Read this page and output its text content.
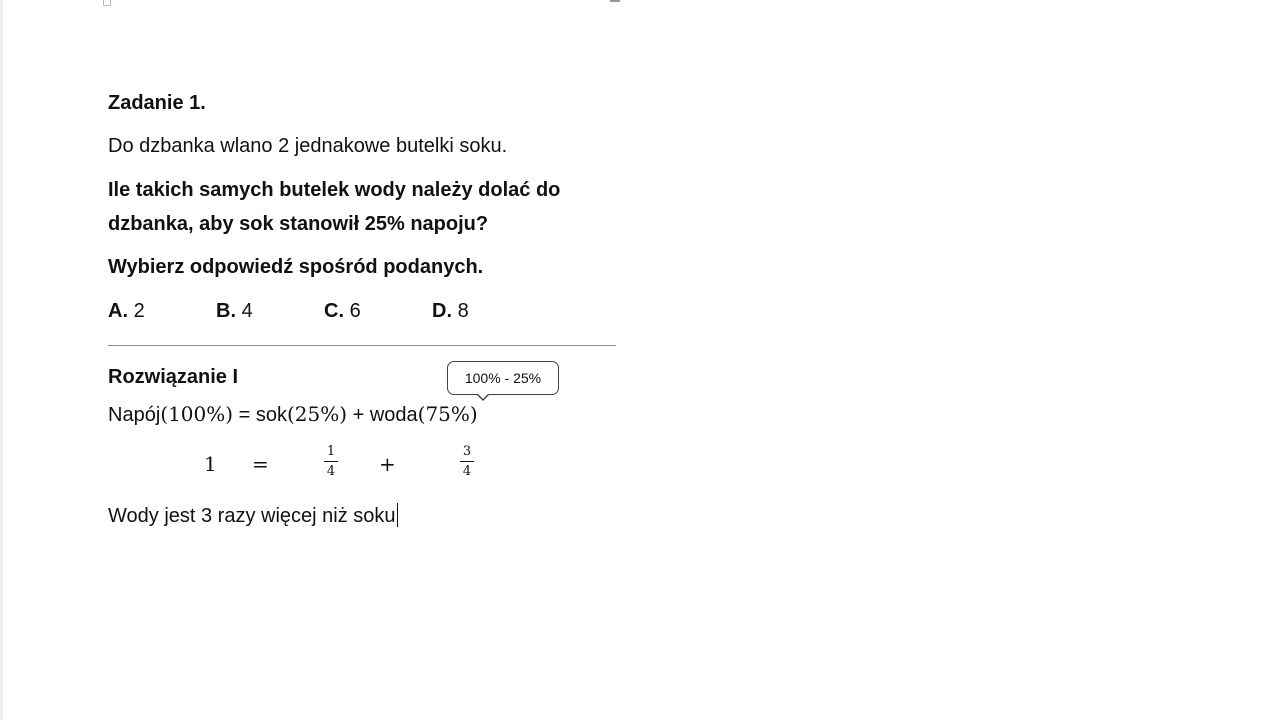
Zadanie 1.
Do dzbanka wlano 2 jednakowe butelki soku.
Ile takich samych butelek wody należy dolać do
dzbanka, aby sok stanowił 25% napoju?
Wybierz odpowiedź spośród podanych.
A. 2	B. 4	C. 6	D. 8
Rozwiązanie I	100% - 25%
Napój(100%) = sok(25%) + woda(75%)
1 =
1
4 +
3
4
Wody jest 3 razy więcej niż soku
